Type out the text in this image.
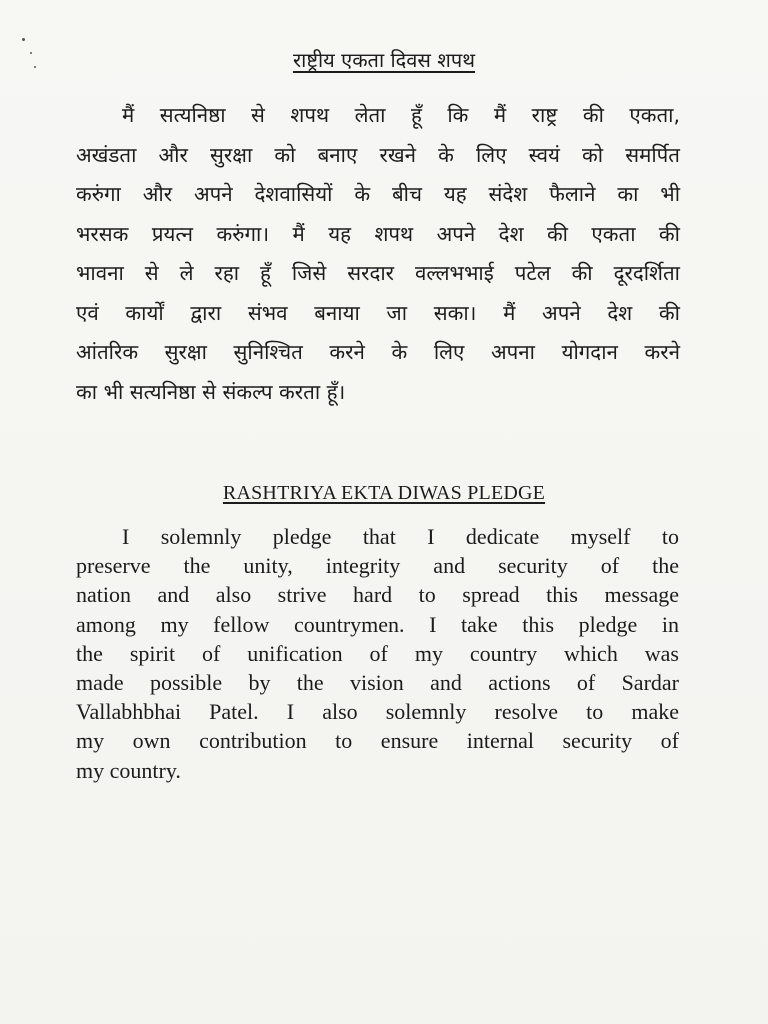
राष्ट्रीय एकता दिवस शपथ
मैं सत्यनिष्ठा से शपथ लेता हूँ कि मैं राष्ट्र की एकता,
अखंडता और सुरक्षा को बनाए रखने के लिए स्वयं को समर्पित
करुंगा और अपने देशवासियों के बीच यह संदेश फैलाने का भी
भरसक प्रयत्न करुंगा। मैं यह शपथ अपने देश की एकता की
भावना से ले रहा हूँ जिसे सरदार वल्लभभाई पटेल की दूरदर्शिता
एवं कार्यों द्वारा संभव बनाया जा सका। मैं अपने देश की
आंतरिक सुरक्षा सुनिश्चित करने के लिए अपना योगदान करने
का भी सत्यनिष्ठा से संकल्प करता हूँ।
RASHTRIYA EKTA DIWAS PLEDGE
I solemnly pledge that I dedicate myself to
preserve the unity, integrity and security of the
nation and also strive hard to spread this message
among my fellow countrymen. I take this pledge in
the spirit of unification of my country which was
made possible by the vision and actions of Sardar
Vallabhbhai Patel. I also solemnly resolve to make
my own contribution to ensure internal security of
my country.
